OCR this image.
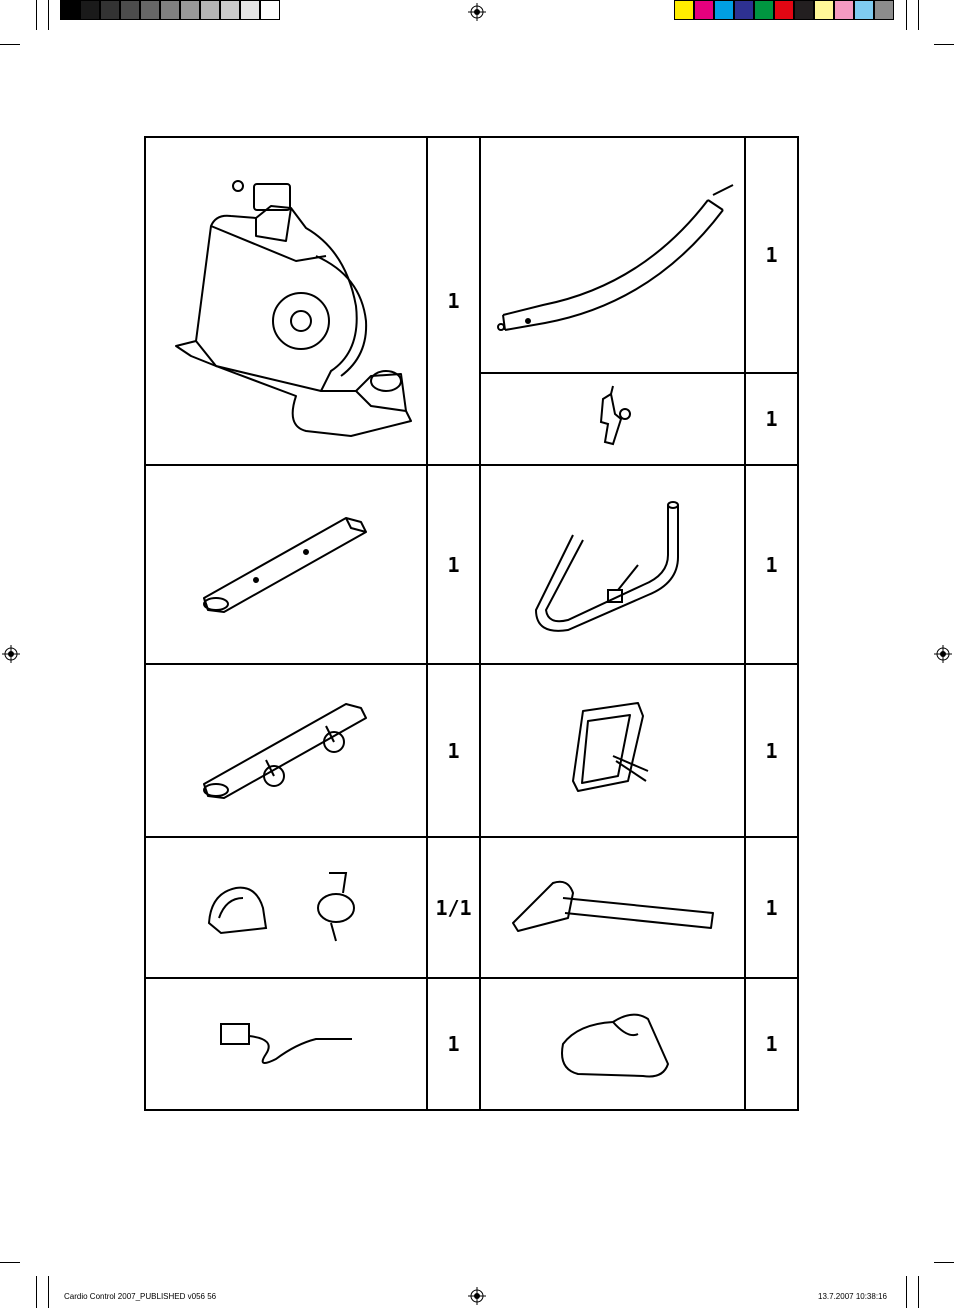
	1		1

	1

	1		1

	1		1

	1/1		1

	1		1
Cardio Control 2007_PUBLISHED v056 56	13.7.2007 10:38:16
